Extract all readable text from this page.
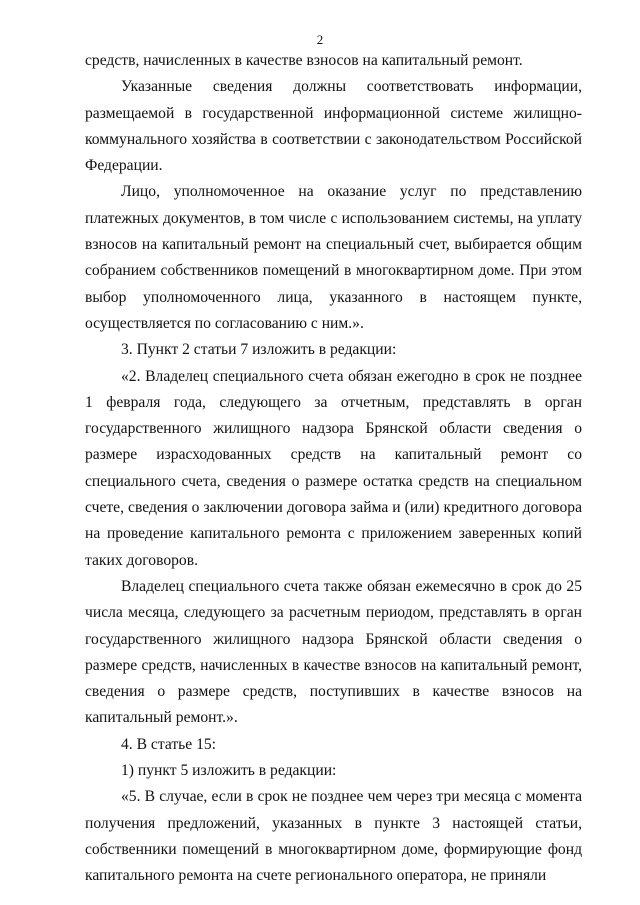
2

средств, начисленных в качестве взносов на капитальный ремонт.

Указанные сведения должны соответствовать информации, размещаемой в государственной информационной системе жилищно-коммунального хозяйства в соответствии с законодательством Российской Федерации.

Лицо, уполномоченное на оказание услуг по представлению платежных документов, в том числе с использованием системы, на уплату взносов на капитальный ремонт на специальный счет, выбирается общим собранием собственников помещений в многоквартирном доме. При этом выбор уполномоченного лица, указанного в настоящем пункте, осуществляется по согласованию с ним.».

3. Пункт 2 статьи 7 изложить в редакции:

«2. Владелец специального счета обязан ежегодно в срок не позднее 1 февраля года, следующего за отчетным, представлять в орган государственного жилищного надзора Брянской области сведения о размере израсходованных средств на капитальный ремонт со специального счета, сведения о размере остатка средств на специальном счете, сведения о заключении договора займа и (или) кредитного договора на проведение капитального ремонта с приложением заверенных копий таких договоров.

Владелец специального счета также обязан ежемесячно в срок до 25 числа месяца, следующего за расчетным периодом, представлять в орган государственного жилищного надзора Брянской области сведения о размере средств, начисленных в качестве взносов на капитальный ремонт, сведения о размере средств, поступивших в качестве взносов на капитальный ремонт.».

4. В статье 15:

1) пункт 5 изложить в редакции:

«5. В случае, если в срок не позднее чем через три месяца с момента получения предложений, указанных в пункте 3 настоящей статьи, собственники помещений в многоквартирном доме, формирующие фонд капитального ремонта на счете регионального оператора, не приняли
